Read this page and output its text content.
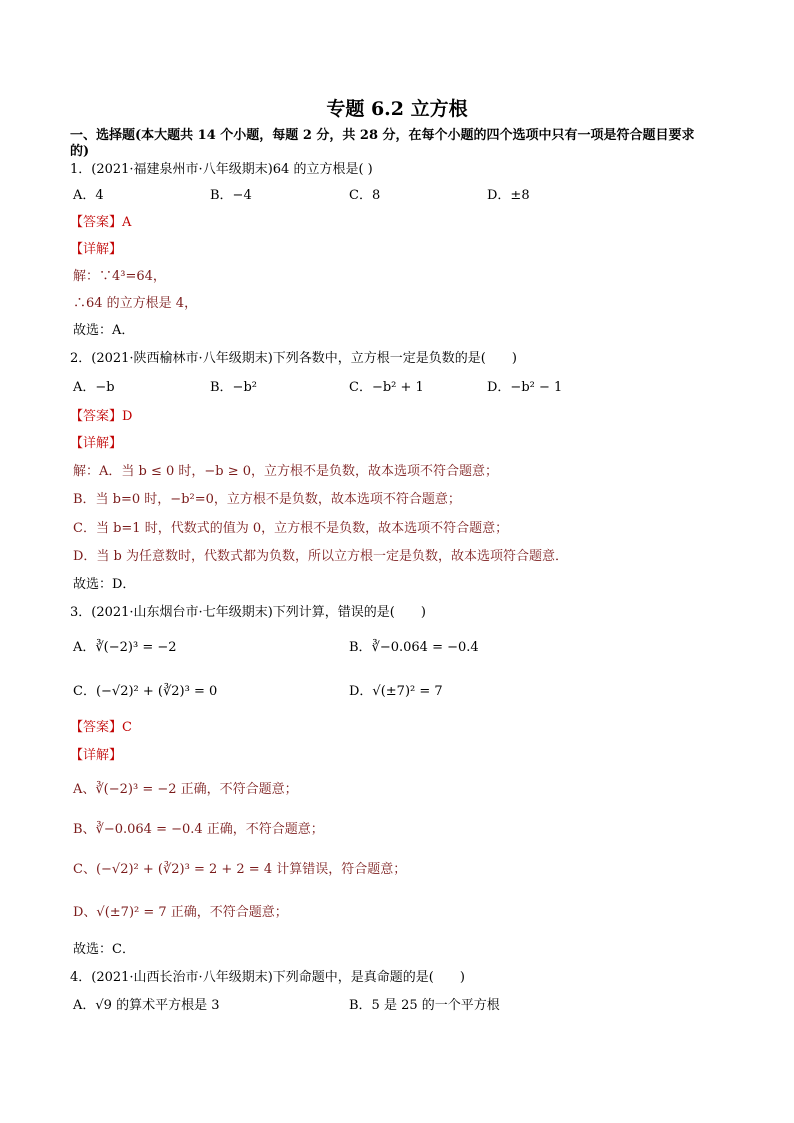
专题 6.2 立方根
一、选择题(本大题共 14 个小题，每题 2 分，共 28 分，在每个小题的四个选项中只有一项是符合题目要求
的)
1．(2021·福建泉州市·八年级期末)64 的立方根是( )
A．4	B．−4	C．8	D．±8
【答案】A
【详解】
解：∵4³=64，
∴64 的立方根是 4，
故选：A．
2．(2021·陕西榆林市·八年级期末)下列各数中，立方根一定是负数的是(　　)
A．−b	B．−b²	C．−b² + 1	D．−b² − 1
【答案】D
【详解】
解：A．当 b ≤ 0 时，−b ≥ 0，立方根不是负数，故本选项不符合题意；
B．当 b=0 时，−b²=0，立方根不是负数，故本选项不符合题意；
C．当 b=1 时，代数式的值为 0，立方根不是负数，故本选项不符合题意；
D．当 b 为任意数时，代数式都为负数，所以立方根一定是负数，故本选项符合题意．
故选：D．
3．(2021·山东烟台市·七年级期末)下列计算，错误的是(　　)
A．∛(−2)³ = −2	B．∛−0.064 = −0.4
C．(−√2)² + (∛2)³ = 0	D．√(±7)² = 7
【答案】C
【详解】
A、∛(−2)³ = −2 正确，不符合题意；
B、∛−0.064 = −0.4 正确，不符合题意；
C、(−√2)² + (∛2)³ = 2 + 2 = 4 计算错误，符合题意；
D、√(±7)² = 7 正确，不符合题意；
故选：C．
4．(2021·山西长治市·八年级期末)下列命题中，是真命题的是(　　)
A．√9 的算术平方根是 3	B．5 是 25 的一个平方根
